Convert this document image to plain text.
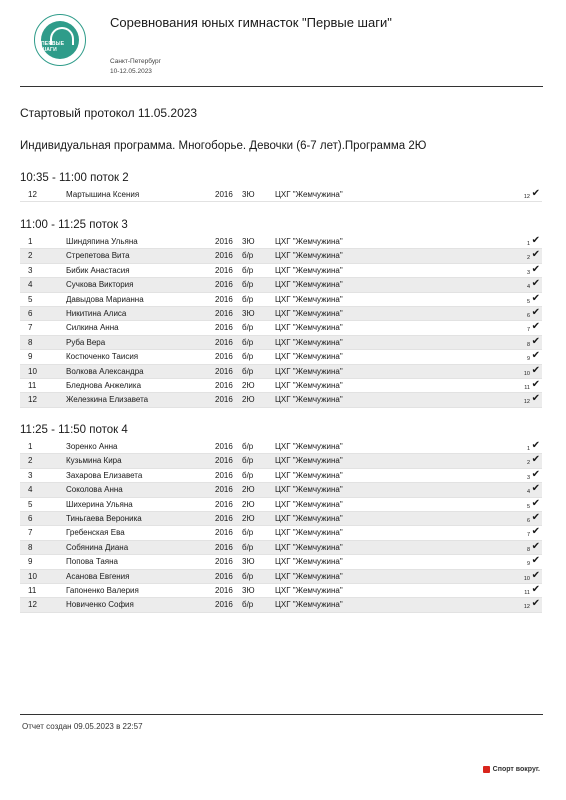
ПЕРВЫЕ ШАГИ
Соревнования юных гимнасток "Первые шаги"
Санкт-Петербург
10-12.05.2023
Стартовый протокол 11.05.2023
Индивидуальная программа. Многоборье. Девочки (6-7 лет).Программа 2Ю
10:35 - 11:00 поток 2
12	Мартышина Ксения	2016 3Ю	ЦХГ "Жемчужина"	12 ✔
11:00 - 11:25 поток 3
1	Шиндяпина Ульяна	2016 3Ю	ЦХГ "Жемчужина"	1 ✔
2	Стрепетова Вита	2016 б/р	ЦХГ "Жемчужина"	2 ✔
3	Бибик Анастасия	2016 б/р	ЦХГ "Жемчужина"	3 ✔
4	Сучкова Виктория	2016 б/р	ЦХГ "Жемчужина"	4 ✔
5	Давыдова Марианна	2016 б/р	ЦХГ "Жемчужина"	5 ✔
6	Никитина Алиса	2016 3Ю	ЦХГ "Жемчужина"	6 ✔
7	Силкина Анна	2016 б/р	ЦХГ "Жемчужина"	7 ✔
8	Руба Вера	2016 б/р	ЦХГ "Жемчужина"	8 ✔
9	Костюченко Таисия	2016 б/р	ЦХГ "Жемчужина"	9 ✔
10	Волкова Александра	2016 б/р	ЦХГ "Жемчужина"	10 ✔
11	Бледнова Анжелика	2016 2Ю	ЦХГ "Жемчужина"	11 ✔
12	Железкина Елизавета	2016 2Ю	ЦХГ "Жемчужина"	12 ✔
11:25 - 11:50 поток 4
1	Зоренко Анна	2016 б/р	ЦХГ "Жемчужина"	1 ✔
2	Кузьмина Кира	2016 б/р	ЦХГ "Жемчужина"	2 ✔
3	Захарова Елизавета	2016 б/р	ЦХГ "Жемчужина"	3 ✔
4	Соколова Анна	2016 2Ю	ЦХГ "Жемчужина"	4 ✔
5	Шихерина Ульяна	2016 2Ю	ЦХГ "Жемчужина"	5 ✔
6	Тиньгаева Вероника	2016 2Ю	ЦХГ "Жемчужина"	6 ✔
7	Гребенская Ева	2016 б/р	ЦХГ "Жемчужина"	7 ✔
8	Собянина Диана	2016 б/р	ЦХГ "Жемчужина"	8 ✔
9	Попова Таяна	2016 3Ю	ЦХГ "Жемчужина"	9 ✔
10	Асанова Евгения	2016 б/р	ЦХГ "Жемчужина"	10 ✔
11	Гапоненко Валерия	2016 3Ю	ЦХГ "Жемчужина"	11 ✔
12	Новиченко София	2016 б/р	ЦХГ "Жемчужина"	12 ✔
Отчет создан 09.05.2023 в 22:57
Спорт вокруг.
